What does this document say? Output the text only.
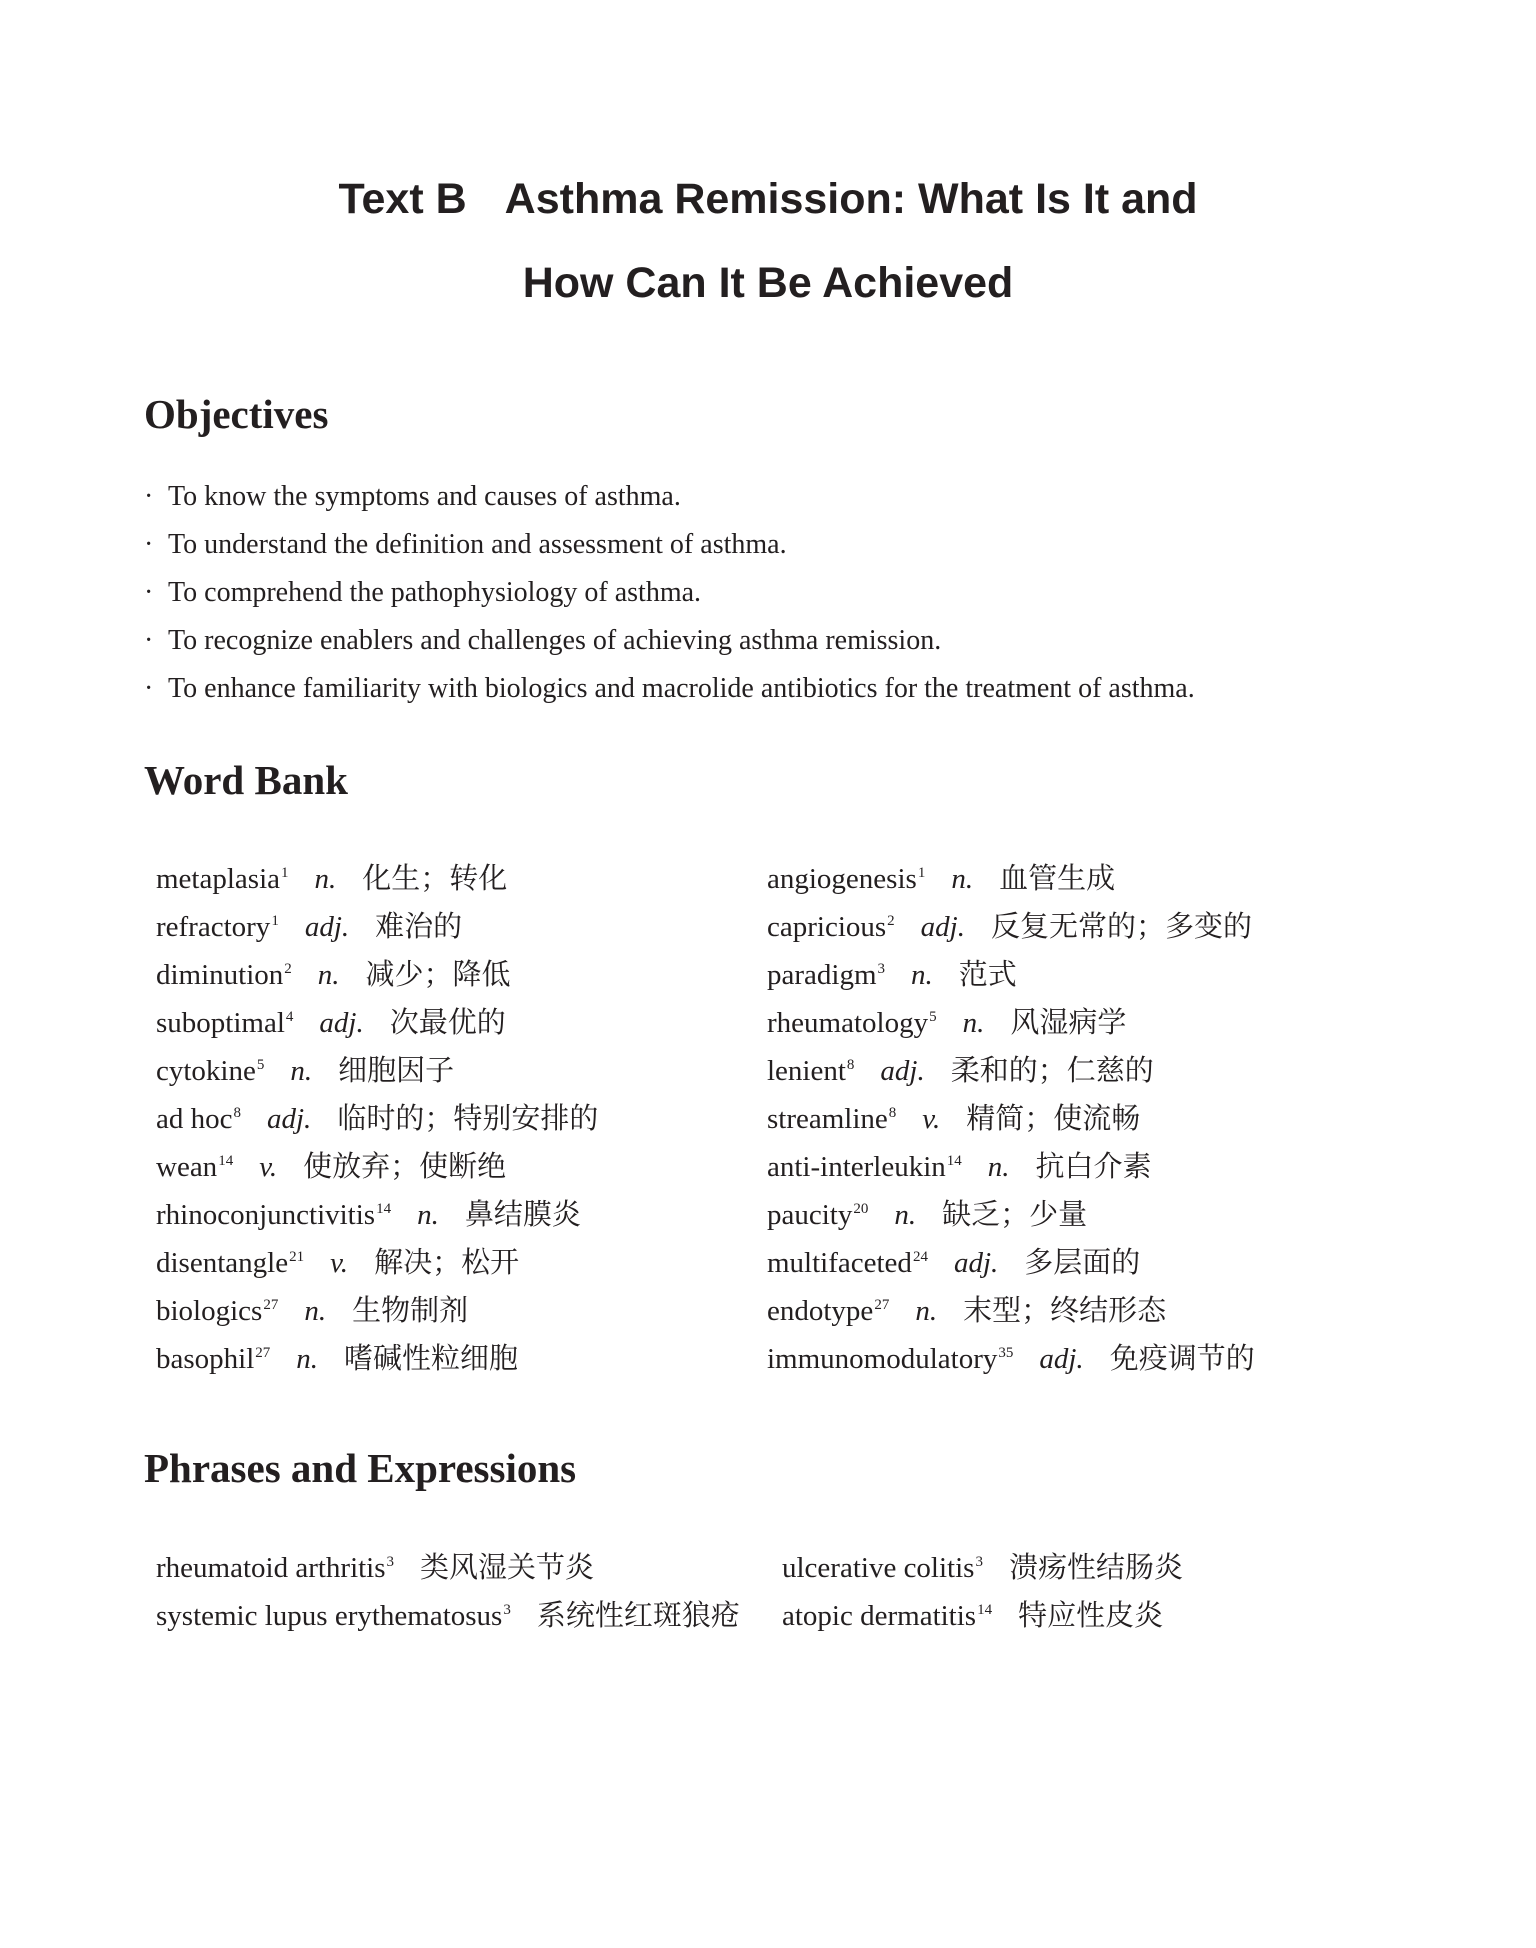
Text B Asthma Remission: What Is It and
How Can It Be Achieved
Objectives
· To know the symptoms and causes of asthma.
· To understand the definition and assessment of asthma.
· To comprehend the pathophysiology of asthma.
· To recognize enablers and challenges of achieving asthma remission.
· To enhance familiarity with biologics and macrolide antibiotics for the treatment of asthma.
Word Bank
metaplasia$^1$ n. 化生；转化
refractory$^1$ adj. 难治的
diminution$^2$ n. 减少；降低
suboptimal$^4$ adj. 次最优的
cytokine$^5$ n. 细胞因子
ad hoc$^8$ adj. 临时的；特别安排的
wean$^{14}$ v. 使放弃；使断绝
rhinoconjunctivitis$^{14}$ n. 鼻结膜炎
disentangle$^{21}$ v. 解决；松开
biologics$^{27}$ n. 生物制剂
basophil$^{27}$ n. 嗜碱性粒细胞
angiogenesis$^1$ n. 血管生成
capricious$^2$ adj. 反复无常的；多变的
paradigm$^3$ n. 范式
rheumatology$^5$ n. 风湿病学
lenient$^8$ adj. 柔和的；仁慈的
streamline$^8$ v. 精简；使流畅
anti-interleukin$^{14}$ n. 抗白介素
paucity$^{20}$ n. 缺乏；少量
multifaceted$^{24}$ adj. 多层面的
endotype$^{27}$ n. 末型；终结形态
immunomodulatory$^{35}$ adj. 免疫调节的
Phrases and Expressions
rheumatoid arthritis$^3$ 类风湿关节炎
systemic lupus erythematosus$^3$ 系统性红斑狼疮
ulcerative colitis$^3$ 溃疡性结肠炎
atopic dermatitis$^{14}$ 特应性皮炎
